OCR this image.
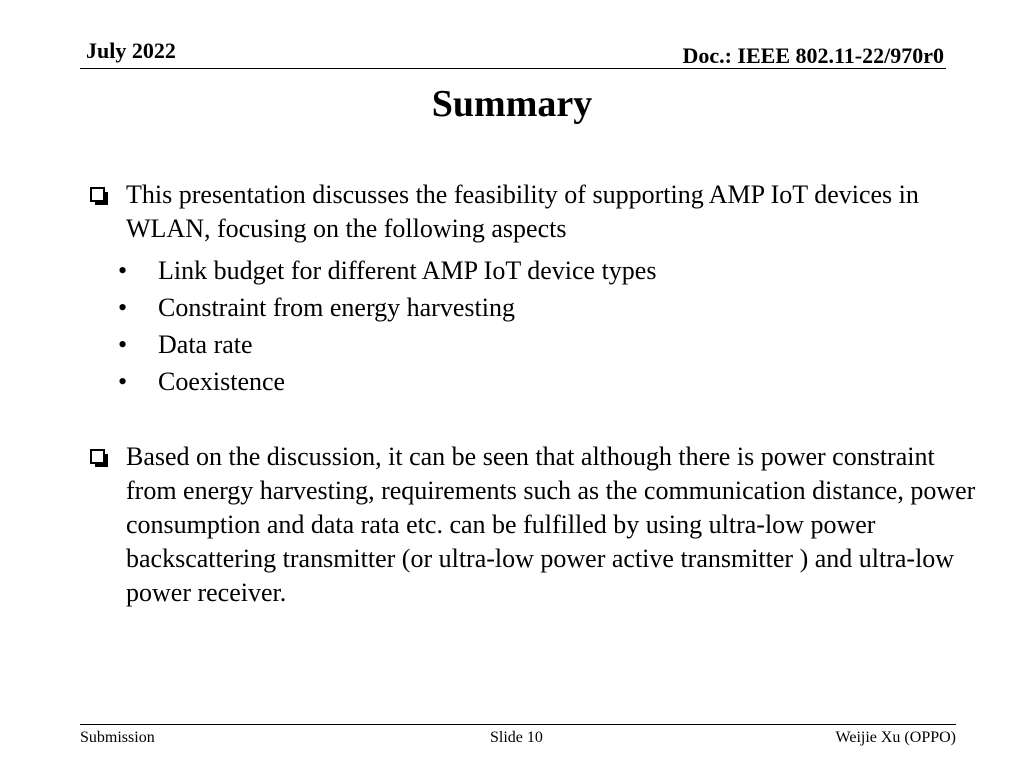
July 2022	Doc.: IEEE 802.11-22/970r0
Summary
This presentation discusses the feasibility of supporting AMP IoT devices in WLAN, focusing on the following aspects
• Link budget for different AMP IoT device types
• Constraint from energy harvesting
• Data rate
• Coexistence
Based on the discussion, it can be seen that although there is power constraint from energy harvesting, requirements such as the communication distance, power consumption and data rata etc. can be fulfilled by using ultra-low power backscattering transmitter (or ultra-low power active transmitter ) and ultra-low power receiver.
Submission	Slide 10	Weijie Xu (OPPO)
